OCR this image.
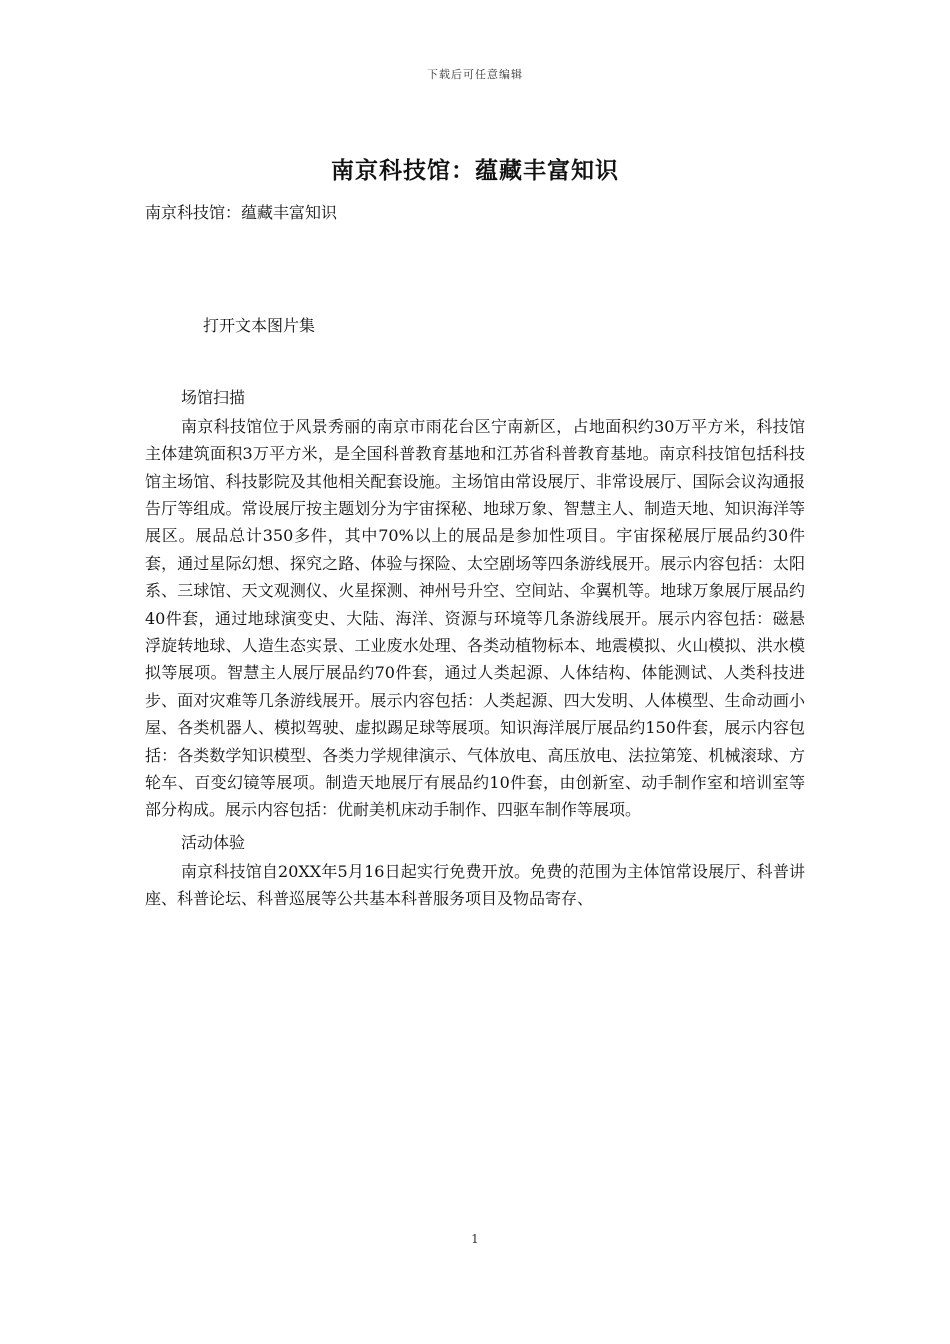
下载后可任意编辑
南京科技馆：蕴藏丰富知识

南京科技馆：蕴藏丰富知识

打开文本图片集

场馆扫描

南京科技馆位于风景秀丽的南京市雨花台区宁南新区，占地面积约30万平方米，科技馆主体建筑面积3万平方米，是全国科普教育基地和江苏省科普教育基地。南京科技馆包括科技馆主场馆、科技影院及其他相关配套设施。主场馆由常设展厅、非常设展厅、国际会议沟通报告厅等组成。常设展厅按主题划分为宇宙探秘、地球万象、智慧主人、制造天地、知识海洋等展区。展品总计350多件，其中70%以上的展品是参加性项目。宇宙探秘展厅展品约30件套，通过星际幻想、探究之路、体验与探险、太空剧场等四条游线展开。展示内容包括：太阳系、三球馆、天文观测仪、火星探测、神州号升空、空间站、伞翼机等。地球万象展厅展品约40件套，通过地球演变史、大陆、海洋、资源与环境等几条游线展开。展示内容包括：磁悬浮旋转地球、人造生态实景、工业废水处理、各类动植物标本、地震模拟、火山模拟、洪水模拟等展项。智慧主人展厅展品约70件套，通过人类起源、人体结构、体能测试、人类科技进步、面对灾难等几条游线展开。展示内容包括：人类起源、四大发明、人体模型、生命动画小屋、各类机器人、模拟驾驶、虚拟踢足球等展项。知识海洋展厅展品约150件套，展示内容包括：各类数学知识模型、各类力学规律演示、气体放电、高压放电、法拉第笼、机械滚球、方轮车、百变幻镜等展项。制造天地展厅有展品约10件套，由创新室、动手制作室和培训室等部分构成。展示内容包括：优耐美机床动手制作、四驱车制作等展项。

活动体验

南京科技馆自20XX年5月16日起实行免费开放。免费的范围为主体馆常设展厅、科普讲座、科普论坛、科普巡展等公共基本科普服务项目及物品寄存、

1
